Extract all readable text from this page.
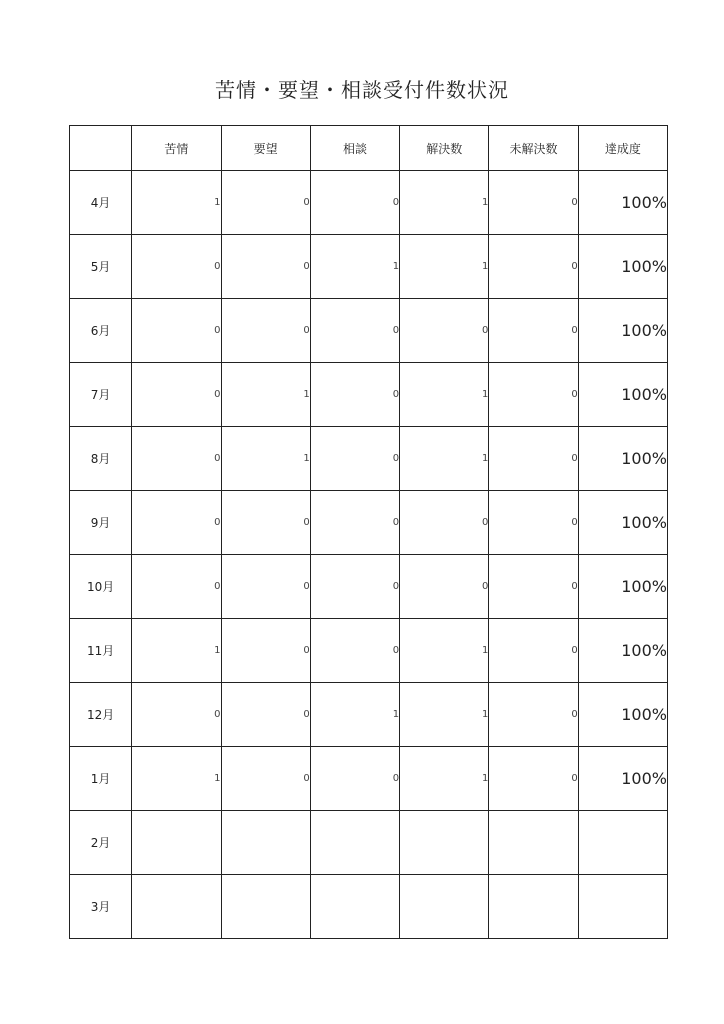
苦情・要望・相談受付件数状況
	苦情	要望	相談	解決数	未解決数	達成度
4月	1	0	0	1	0	100%
5月	0	0	1	1	0	100%
6月	0	0	0	0	0	100%
7月	0	1	0	1	0	100%
8月	0	1	0	1	0	100%
9月	0	0	0	0	0	100%
10月	0	0	0	0	0	100%
11月	1	0	0	1	0	100%
12月	0	0	1	1	0	100%
1月	1	0	0	1	0	100%
2月						
3月						
